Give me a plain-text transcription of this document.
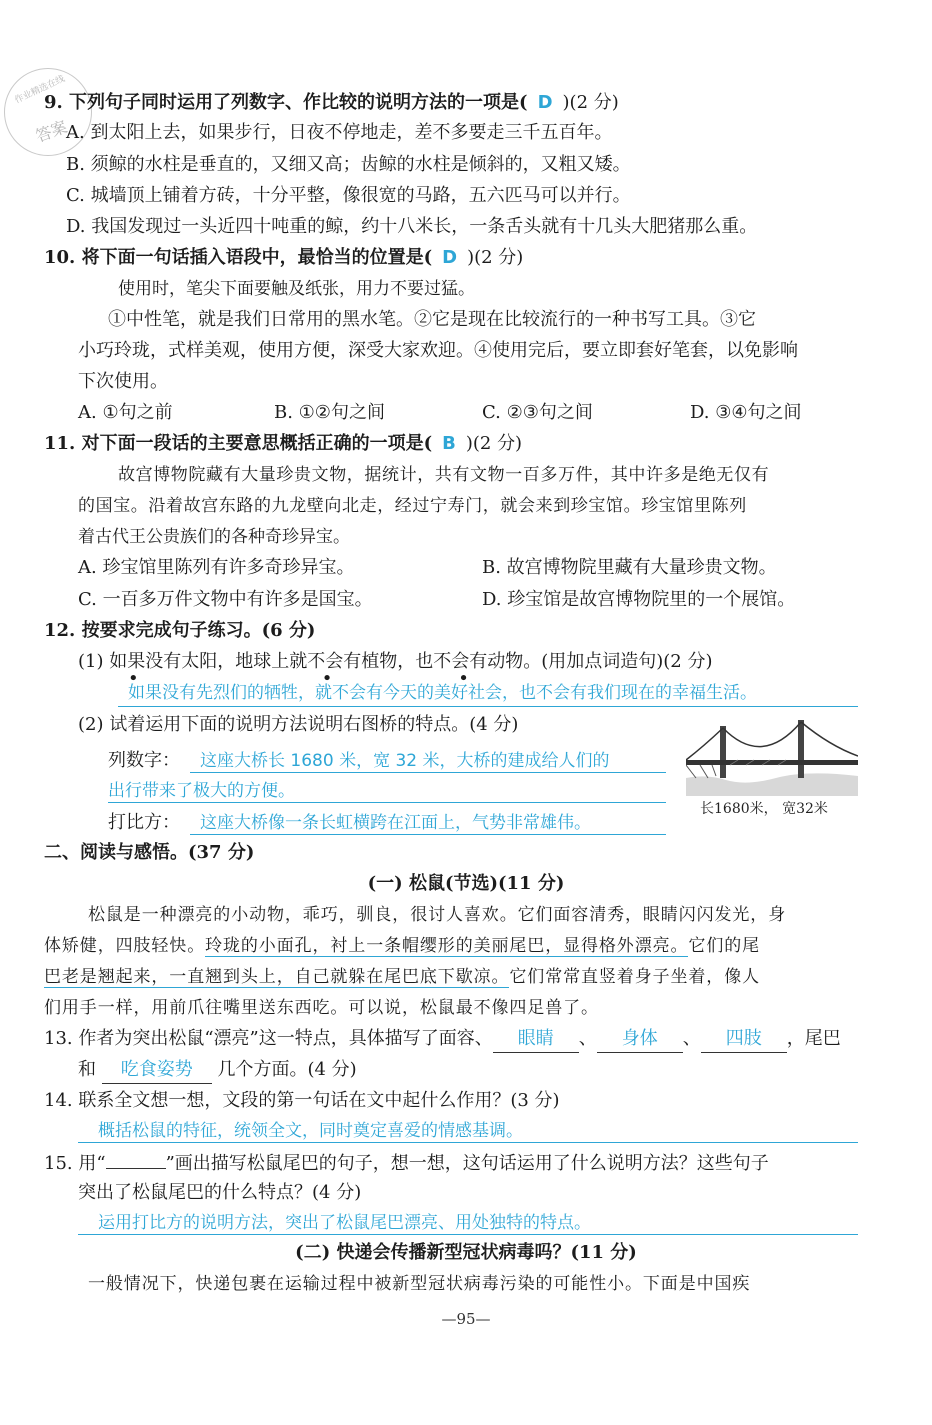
作业精选在线
答案
9. 下列句子同时运用了列数字、作比较的说明方法的一项是( D )(2 分)
A. 到太阳上去，如果步行，日夜不停地走，差不多要走三千五百年。
B. 须鲸的水柱是垂直的，又细又高；齿鲸的水柱是倾斜的，又粗又矮。
C. 城墙顶上铺着方砖，十分平整，像很宽的马路，五六匹马可以并行。
D. 我国发现过一头近四十吨重的鲸，约十八米长，一条舌头就有十几头大肥猪那么重。
10. 将下面一句话插入语段中，最恰当的位置是( D )(2 分)
使用时，笔尖下面要触及纸张，用力不要过猛。
①中性笔，就是我们日常用的黑水笔。②它是现在比较流行的一种书写工具。③它
小巧玲珑，式样美观，使用方便，深受大家欢迎。④使用完后，要立即套好笔套，以免影响
下次使用。
A. ①句之前	B. ①②句之间	C. ②③句之间	D. ③④句之间
11. 对下面一段话的主要意思概括正确的一项是( B )(2 分)
故宫博物院藏有大量珍贵文物，据统计，共有文物一百多万件，其中许多是绝无仅有
的国宝。沿着故宫东路的九龙壁向北走，经过宁寿门，就会来到珍宝馆。珍宝馆里陈列
着古代王公贵族们的各种奇珍异宝。
A. 珍宝馆里陈列有许多奇珍异宝。	B. 故宫博物院里藏有大量珍贵文物。
C. 一百多万件文物中有许多是国宝。	D. 珍宝馆是故宫博物院里的一个展馆。
12. 按要求完成句子练习。(6 分)
(1) 如果没有太阳，地球上就不会有植物，也不会有动物。(用加点词造句)(2 分)
•                                •                      •
如果没有先烈们的牺牲，就不会有今天的美好社会，也不会有我们现在的幸福生活。
(2) 试着运用下面的说明方法说明右图桥的特点。(4 分)
列数字： 这座大桥长 1680 米，宽 32 米，大桥的建成给人们的
出行带来了极大的方便。
打比方： 这座大桥像一条长虹横跨在江面上，气势非常雄伟。
长1680米， 宽32米
二、阅读与感悟。(37 分)
(一) 松鼠(节选)(11 分)
松鼠是一种漂亮的小动物，乖巧，驯良，很讨人喜欢。它们面容清秀，眼睛闪闪发光，身
体矫健，四肢轻快。玲珑的小面孔，衬上一条帽缨形的美丽尾巴，显得格外漂亮。它们的尾
巴老是翘起来，一直翘到头上，自己就躲在尾巴底下歇凉。它们常常直竖着身子坐着，像人
们用手一样，用前爪往嘴里送东西吃。可以说，松鼠最不像四足兽了。
13. 作者为突出松鼠“漂亮”这一特点，具体描写了面容、 眼睛 、 身体 、 四肢 ，尾巴
和 吃食姿势 几个方面。(4 分)
14. 联系全文想一想，文段的第一句话在文中起什么作用？(3 分)
概括松鼠的特征，统领全文，同时奠定喜爱的情感基调。
15. 用“	”画出描写松鼠尾巴的句子，想一想，这句话运用了什么说明方法？这些句子
突出了松鼠尾巴的什么特点？(4 分)
运用打比方的说明方法，突出了松鼠尾巴漂亮、用处独特的特点。
(二) 快递会传播新型冠状病毒吗？(11 分)
一般情况下，快递包裹在运输过程中被新型冠状病毒污染的可能性小。下面是中国疾
—95—
